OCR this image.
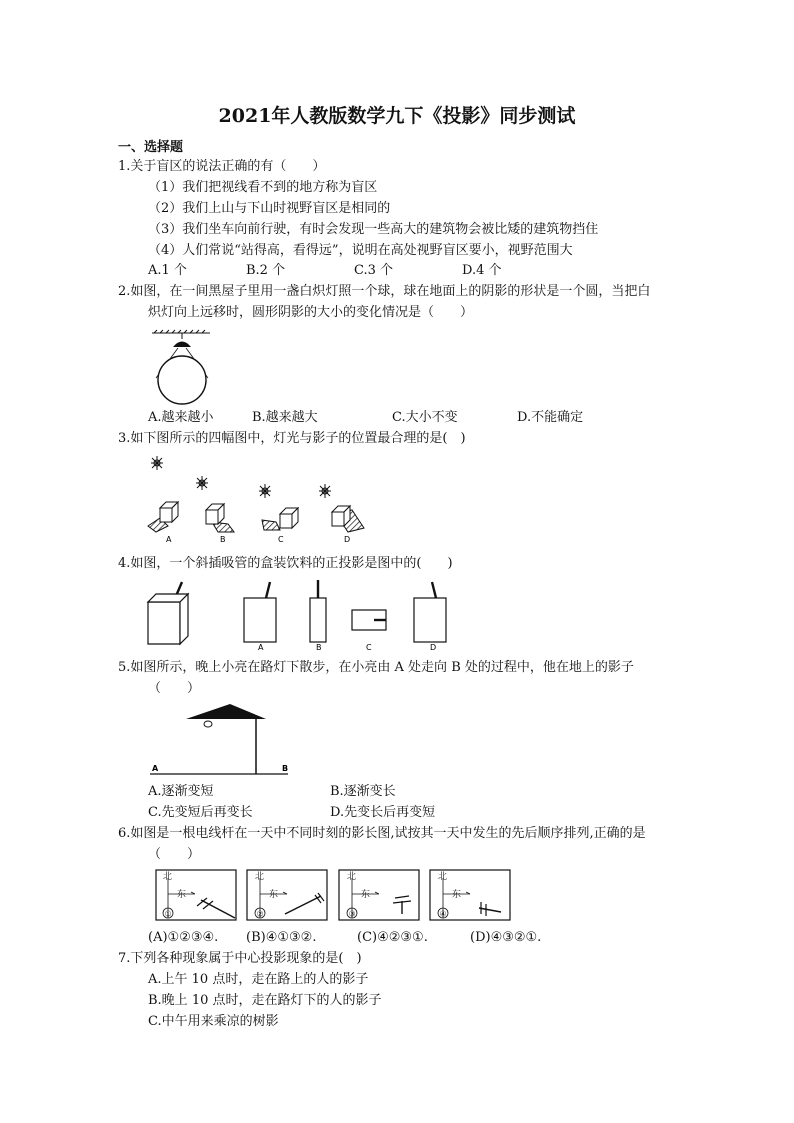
2021年人教版数学九下《投影》同步测试
一、选择题
1.关于盲区的说法正确的有（　　）
（1）我们把视线看不到的地方称为盲区
（2）我们上山与下山时视野盲区是相同的
（3）我们坐车向前行驶，有时会发现一些高大的建筑物会被比矮的建筑物挡住
（4）人们常说“站得高，看得远”，说明在高处视野盲区要小，视野范围大
A.1 个	B.2 个	C.3 个	D.4 个
2.如图，在一间黑屋子里用一盏白炽灯照一个球，球在地面上的阴影的形状是一个圆，当把白
炽灯向上远移时，圆形阴影的大小的变化情况是（　　）
A.越来越小	B.越来越大	C.大小不变	D.不能确定
3.如下图所示的四幅图中，灯光与影子的位置最合理的是(　)
A	B	C	D
4.如图，一个斜插吸管的盒装饮料的正投影是图中的(　　)
A	B	C	D
5.如图所示，晚上小亮在路灯下散步，在小亮由 A 处走向 B 处的过程中，他在地上的影子
（　　）
A	B
A.逐渐变短	B.逐渐变长
C.先变短后再变长	D.先变长后再变短
6.如图是一根电线杆在一天中不同时刻的影长图,试按其一天中发生的先后顺序排列,正确的是
（　　）
北	北	北	北
东	东	东	东
①	②	③	④
(A)①②③④. (B)④①③②.	(C)④②③①.	(D)④③②①.
7.下列各种现象属于中心投影现象的是(　)
A.上午 10 点时，走在路上的人的影子
B.晚上 10 点时，走在路灯下的人的影子
C.中午用来乘凉的树影
